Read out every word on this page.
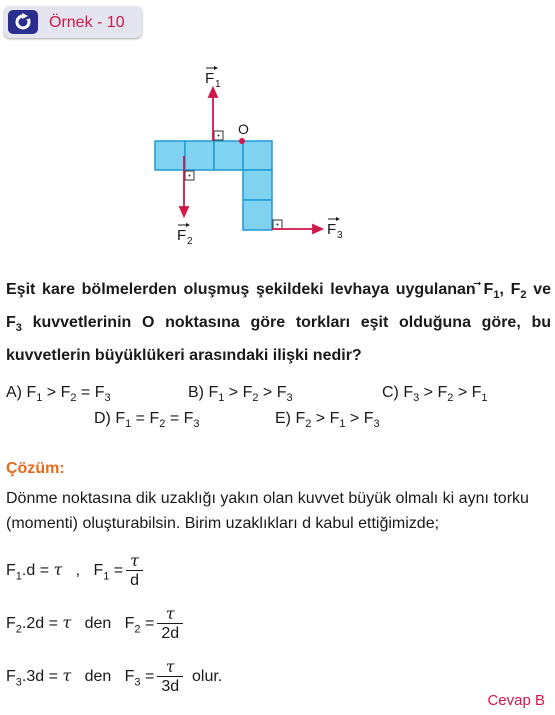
Örnek - 10
O
F 1
F 2
F 3
Eşit kare bölmelerden oluşmuş şekildeki levhaya uygulanan $F_1$, $F_2$ ve $F_3$ kuvvetlerinin O noktasına göre torkları eşit olduğuna göre, bu kuvvetlerin büyüklükeri arasındaki ilişki nedir?
A) $F_1 > F_2 = F_3$	B) $F_1 > F_2 > F_3$	C) $F_3 > F_2 > F_1$
D) $F_1 = F_2 = F_3$	E) $F_2 > F_1 > F_3$
Çözüm:
Dönme noktasına dik uzaklığı yakın olan kuvvet büyük olmalı ki aynı torku (momenti) oluşturabilsin. Birim uzaklıkları d kabul ettiğimizde;
$F_1.d = \tau$   ,   $F_1 = \frac{\tau}{d}$
$F_2.2d = \tau$   den   $F_2 = \frac{\tau}{2d}$
$F_3.3d = \tau$   den   $F_3 = \frac{\tau}{3d}$ olur.
Cevap B
